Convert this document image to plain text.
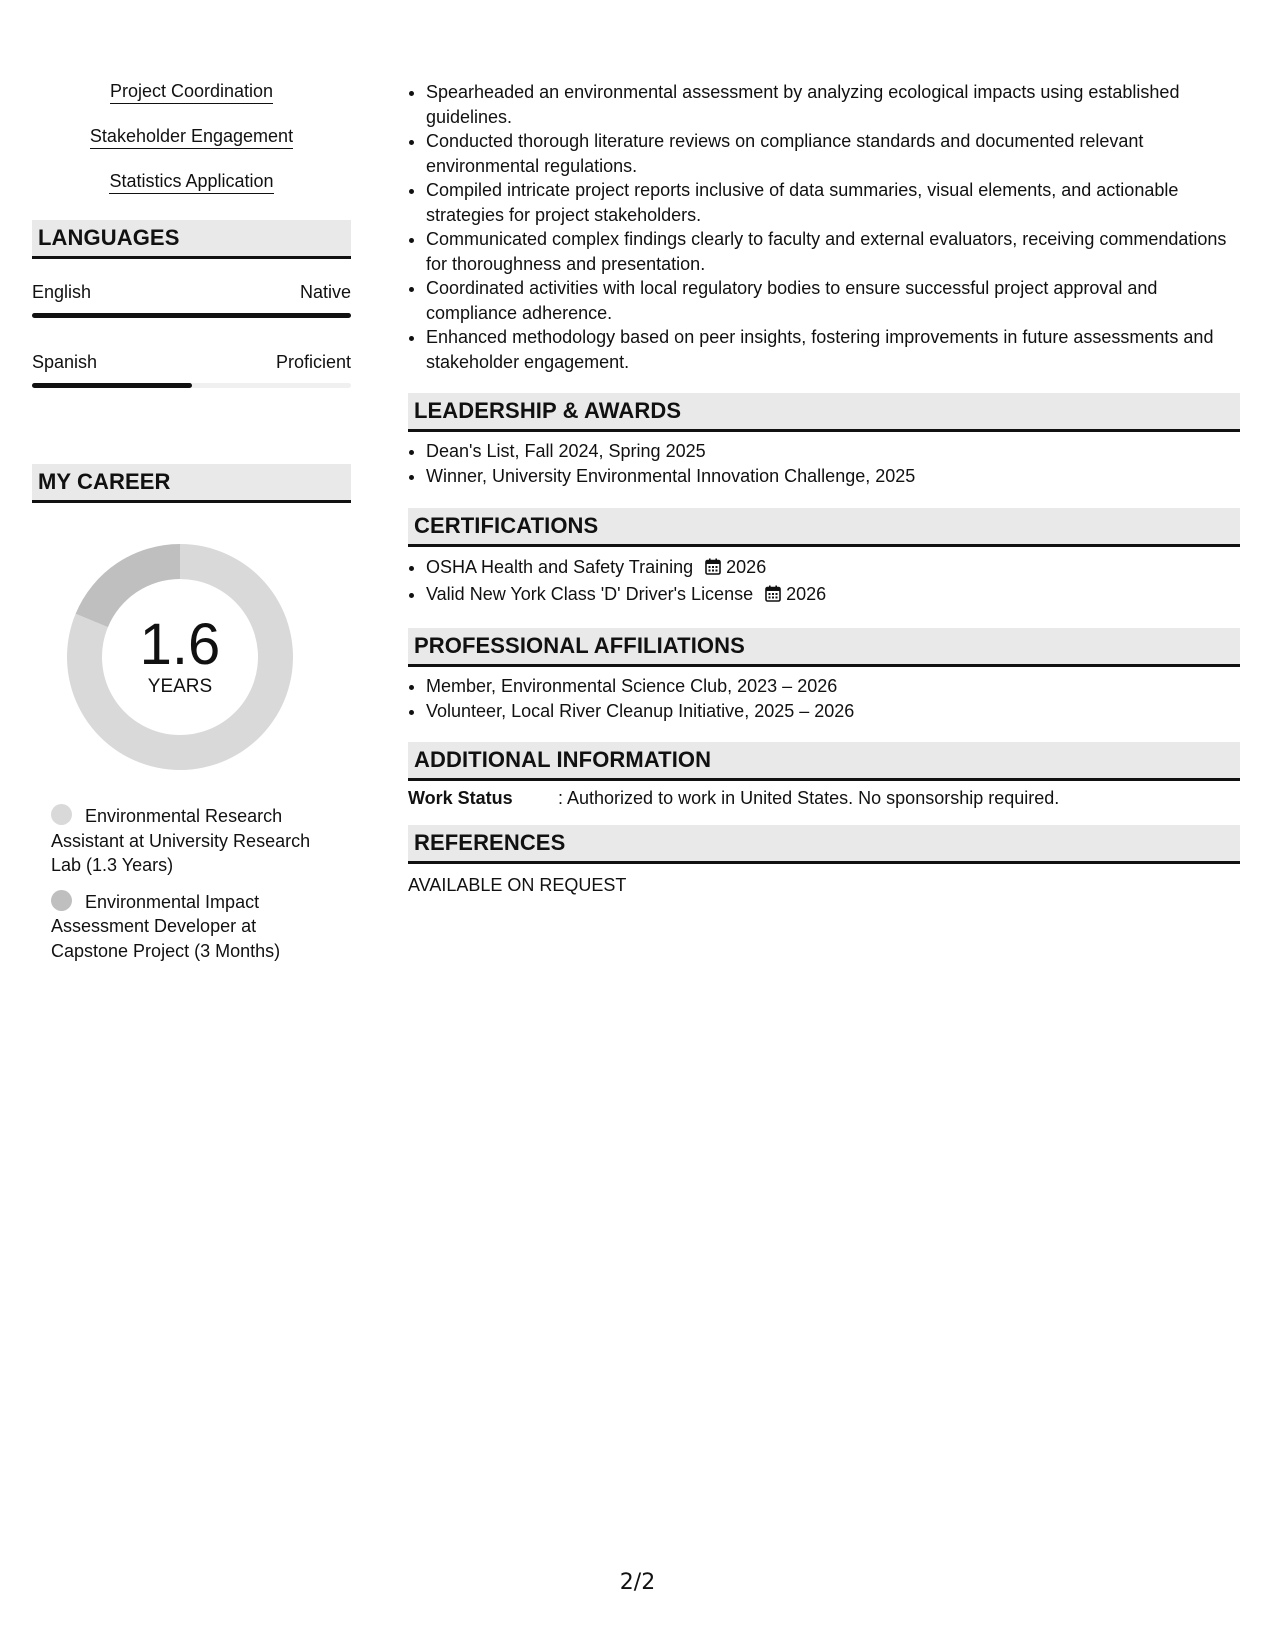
Project Coordination
Stakeholder Engagement
Statistics Application
LANGUAGES
English	Native
Spanish	Proficient
MY CAREER
1.6
YEARS
Environmental Research Assistant at University Research Lab (1.3 Years)
Environmental Impact Assessment Developer at Capstone Project (3 Months)
• Spearheaded an environmental assessment by analyzing ecological impacts using established guidelines.
• Conducted thorough literature reviews on compliance standards and documented relevant environmental regulations.
• Compiled intricate project reports inclusive of data summaries, visual elements, and actionable strategies for project stakeholders.
• Communicated complex findings clearly to faculty and external evaluators, receiving commendations for thoroughness and presentation.
• Coordinated activities with local regulatory bodies to ensure successful project approval and compliance adherence.
• Enhanced methodology based on peer insights, fostering improvements in future assessments and stakeholder engagement.
LEADERSHIP & AWARDS
• Dean's List, Fall 2024, Spring 2025
• Winner, University Environmental Innovation Challenge, 2025
CERTIFICATIONS
• OSHA Health and Safety Training 2026
• Valid New York Class 'D' Driver's License 2026
PROFESSIONAL AFFILIATIONS
• Member, Environmental Science Club, 2023 – 2026
• Volunteer, Local River Cleanup Initiative, 2025 – 2026
ADDITIONAL INFORMATION
Work Status	: Authorized to work in United States. No sponsorship required.
REFERENCES
AVAILABLE ON REQUEST
2/2
